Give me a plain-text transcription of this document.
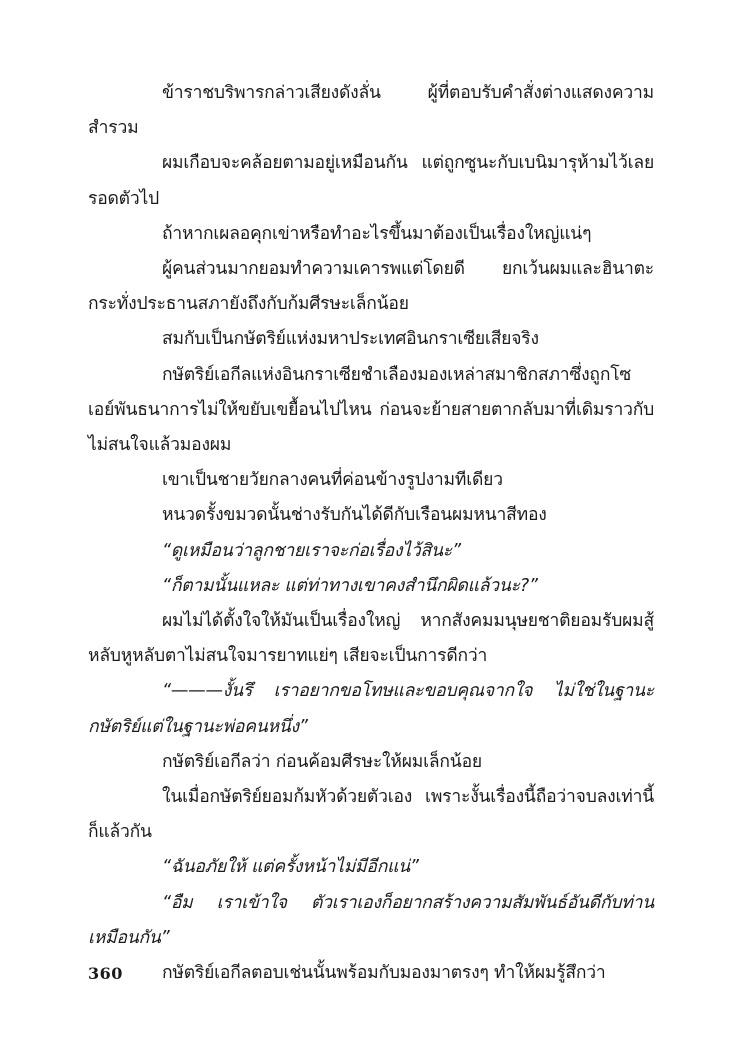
ข้าราชบริพารกล่าวเสียงดังลั่น ผู้ที่ตอบรับคำสั่งต่างแสดงความสำรวม

ผมเกือบจะคล้อยตามอยู่เหมือนกัน แต่ถูกซูนะกับเบนิมารุห้ามไว้เลยรอดตัวไป

ถ้าหากเผลอคุกเข่าหรือทำอะไรขึ้นมาต้องเป็นเรื่องใหญ่แน่ๆ

ผู้คนส่วนมากยอมทำความเคารพแต่โดยดี ยกเว้นผมและฮินาตะกระทั่งประธานสภายังถึงกับก้มศีรษะเล็กน้อย

สมกับเป็นกษัตริย์แห่งมหาประเทศอินกราเซียเสียจริง

กษัตริย์เอกีลแห่งอินกราเซียชำเลืองมองเหล่าสมาชิกสภาซึ่งถูกโซเอย์พันธนาการไม่ให้ขยับเขยื้อนไปไหน ก่อนจะย้ายสายตากลับมาที่เดิมราวกับไม่สนใจแล้วมองผม

เขาเป็นชายวัยกลางคนที่ค่อนข้างรูปงามทีเดียว

หนวดรั้งขมวดนั้นช่างรับกันได้ดีกับเรือนผมหนาสีทอง

“ดูเหมือนว่าลูกชายเราจะก่อเรื่องไว้สินะ”

“ก็ตามนั้นแหละ แต่ท่าทางเขาคงสำนึกผิดแล้วนะ?”

ผมไม่ได้ตั้งใจให้มันเป็นเรื่องใหญ่ หากสังคมมนุษยชาติยอมรับผมสู้หลับหูหลับตาไม่สนใจมารยาทแย่ๆ เสียจะเป็นการดีกว่า

“———งั้นรึ เราอยากขอโทษและขอบคุณจากใจ ไม่ใช่ในฐานะกษัตริย์แต่ในฐานะพ่อคนหนึ่ง”

กษัตริย์เอกีลว่า ก่อนค้อมศีรษะให้ผมเล็กน้อย

ในเมื่อกษัตริย์ยอมก้มหัวด้วยตัวเอง เพราะงั้นเรื่องนี้ถือว่าจบลงเท่านี้ก็แล้วกัน

“ฉันอภัยให้ แต่ครั้งหน้าไม่มีอีกแน่”

“อืม เราเข้าใจ ตัวเราเองก็อยากสร้างความสัมพันธ์อันดีกับท่านเหมือนกัน”

กษัตริย์เอกีลตอบเช่นนั้นพร้อมกับมองมาตรงๆ ทำให้ผมรู้สึกว่า

360
